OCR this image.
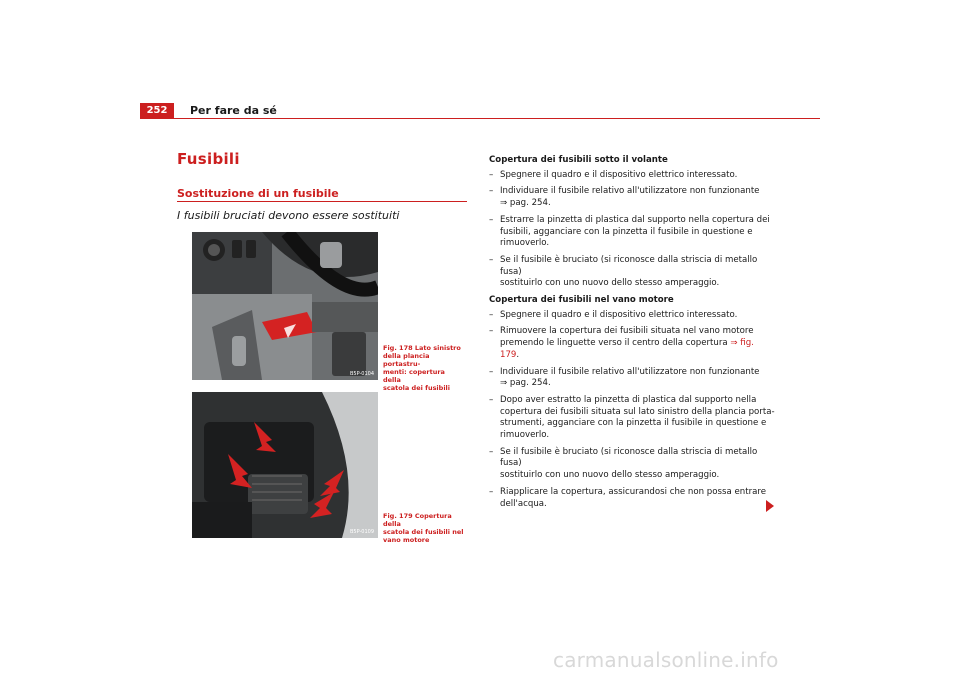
252	Per fare da sé
Fusibili
Sostituzione di un fusibile
I fusibili bruciati devono essere sostituiti
B5P-0104

Fig. 178 Lato sinistro

della plancia portastru-

menti: copertura della

scatola dei fusibili

B5P-0109

Fig. 179 Copertura della

scatola dei fusibili nel

vano motore

Copertura dei fusibili sotto il volante

– Spegnere il quadro e il dispositivo elettrico interessato.
– Individuare il fusibile relativo all'utilizzatore non funzionante
⇒ pag. 254.
– Estrarre la pinzetta di plastica dal supporto nella copertura dei
fusibili, agganciare con la pinzetta il fusibile in questione e
rimuoverlo.
– Se il fusibile è bruciato (si riconosce dalla striscia di metallo fusa)
sostituirlo con uno nuovo dello stesso amperaggio.

Copertura dei fusibili nel vano motore

– Spegnere il quadro e il dispositivo elettrico interessato.
– Rimuovere la copertura dei fusibili situata nel vano motore
premendo le linguette verso il centro della copertura ⇒ fig. 179.
– Individuare il fusibile relativo all'utilizzatore non funzionante
⇒ pag. 254.
– Dopo aver estratto la pinzetta di plastica dal supporto nella
copertura dei fusibili situata sul lato sinistro della plancia porta-
strumenti, agganciare con la pinzetta il fusibile in questione e
rimuoverlo.
– Se il fusibile è bruciato (si riconosce dalla striscia di metallo fusa)
sostituirlo con uno nuovo dello stesso amperaggio.
– Riapplicare la copertura, assicurandosi che non possa entrare
dell'acqua.
carmanualsonline.info
